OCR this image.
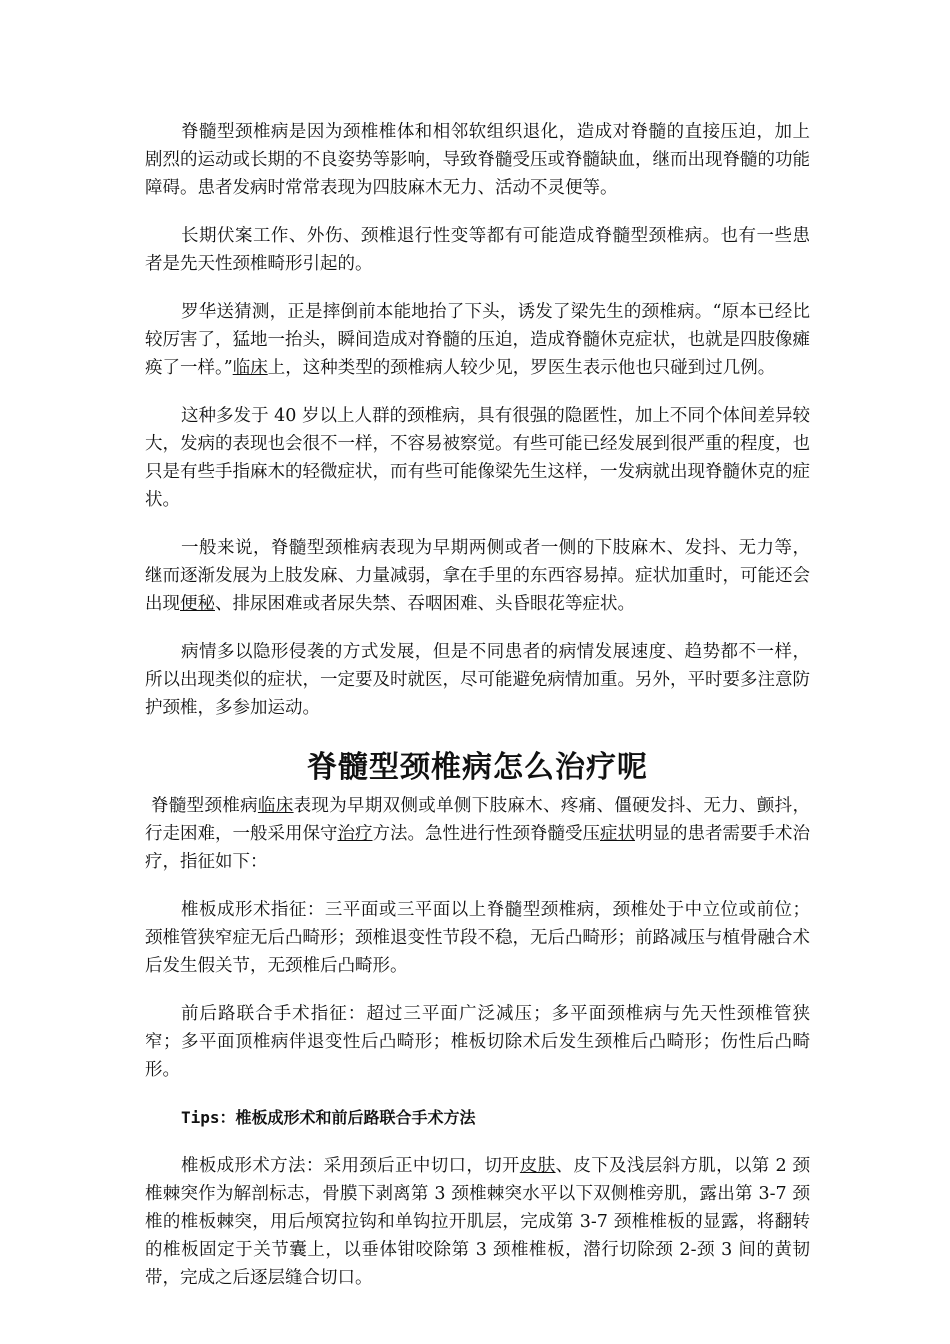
脊髓型颈椎病是因为颈椎椎体和相邻软组织退化，造成对脊髓的直接压迫，加上剧烈的运动或长期的不良姿势等影响，导致脊髓受压或脊髓缺血，继而出现脊髓的功能障碍。患者发病时常常表现为四肢麻木无力、活动不灵便等。

长期伏案工作、外伤、颈椎退行性变等都有可能造成脊髓型颈椎病。也有一些患者是先天性颈椎畸形引起的。

罗华送猜测，正是摔倒前本能地抬了下头，诱发了梁先生的颈椎病。“原本已经比较厉害了，猛地一抬头，瞬间造成对脊髓的压迫，造成脊髓休克症状，也就是四肢像瘫痪了一样。”临床上，这种类型的颈椎病人较少见，罗医生表示他也只碰到过几例。

这种多发于 40 岁以上人群的颈椎病，具有很强的隐匿性，加上不同个体间差异较大，发病的表现也会很不一样，不容易被察觉。有些可能已经发展到很严重的程度，也只是有些手指麻木的轻微症状，而有些可能像梁先生这样，一发病就出现脊髓休克的症状。

一般来说，脊髓型颈椎病表现为早期两侧或者一侧的下肢麻木、发抖、无力等，继而逐渐发展为上肢发麻、力量减弱，拿在手里的东西容易掉。症状加重时，可能还会出现便秘、排尿困难或者尿失禁、吞咽困难、头昏眼花等症状。

病情多以隐形侵袭的方式发展，但是不同患者的病情发展速度、趋势都不一样，所以出现类似的症状，一定要及时就医，尽可能避免病情加重。另外，平时要多注意防护颈椎，多参加运动。

脊髓型颈椎病怎么治疗呢

脊髓型颈椎病临床表现为早期双侧或单侧下肢麻木、疼痛、僵硬发抖、无力、颤抖，行走困难，一般采用保守治疗方法。急性进行性颈脊髓受压症状明显的患者需要手术治疗，指征如下：

椎板成形术指征：三平面或三平面以上脊髓型颈椎病，颈椎处于中立位或前位；颈椎管狭窄症无后凸畸形；颈椎退变性节段不稳，无后凸畸形；前路减压与植骨融合术后发生假关节，无颈椎后凸畸形。

前后路联合手术指征：超过三平面广泛减压；多平面颈椎病与先天性颈椎管狭窄；多平面顶椎病伴退变性后凸畸形；椎板切除术后发生颈椎后凸畸形；伤性后凸畸形。

Tips：椎板成形术和前后路联合手术方法

椎板成形术方法：采用颈后正中切口，切开皮肤、皮下及浅层斜方肌，以第 2 颈椎棘突作为解剖标志，骨膜下剥离第 3 颈椎棘突水平以下双侧椎旁肌，露出第 3-7 颈椎的椎板棘突，用后颅窝拉钩和单钩拉开肌层，完成第 3-7 颈椎椎板的显露，将翻转的椎板固定于关节囊上，以垂体钳咬除第 3 颈椎椎板，潜行切除颈 2-颈 3 间的黄韧带，完成之后逐层缝合切口。
